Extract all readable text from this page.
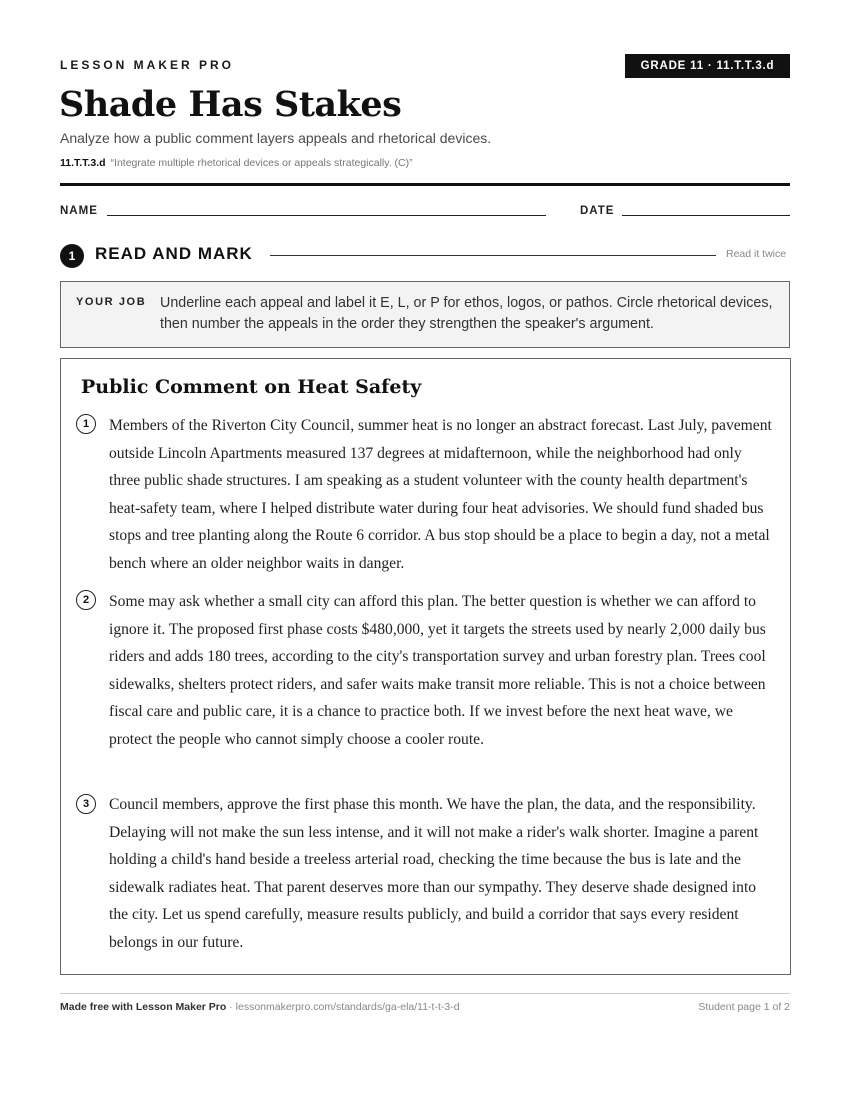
LESSON MAKER PRO	GRADE 11 · 11.T.T.3.d
Shade Has Stakes
Analyze how a public comment layers appeals and rhetorical devices.
11.T.T.3.d “Integrate multiple rhetorical devices or appeals strategically. (C)”
NAME	DATE
1	READ AND MARK	Read it twice
YOUR JOB Underline each appeal and label it E, L, or P for ethos, logos, or pathos. Circle rhetorical devices, then number the appeals in the order they strengthen the speaker's argument.
Public Comment on Heat Safety
1	Members of the Riverton City Council, summer heat is no longer an abstract forecast. Last July, pavement outside Lincoln Apartments measured 137 degrees at midafternoon, while the neighborhood had only three public shade structures. I am speaking as a student volunteer with the county health department's heat-safety team, where I helped distribute water during four heat advisories. We should fund shaded bus stops and tree planting along the Route 6 corridor. A bus stop should be a place to begin a day, not a metal bench where an older neighbor waits in danger.

2	Some may ask whether a small city can afford this plan. The better question is whether we can afford to ignore it. The proposed first phase costs $480,000, yet it targets the streets used by nearly 2,000 daily bus riders and adds 180 trees, according to the city's transportation survey and urban forestry plan. Trees cool sidewalks, shelters protect riders, and safer waits make transit more reliable. This is not a choice between fiscal care and public care, it is a chance to practice both. If we invest before the next heat wave, we protect the people who cannot simply choose a cooler route.

3	Council members, approve the first phase this month. We have the plan, the data, and the responsibility. Delaying will not make the sun less intense, and it will not make a rider's walk shorter. Imagine a parent holding a child's hand beside a treeless arterial road, checking the time because the bus is late and the sidewalk radiates heat. That parent deserves more than our sympathy. They deserve shade designed into the city. Let us spend carefully, measure results publicly, and build a corridor that says every resident belongs in our future.

Made free with Lesson Maker Pro · lessonmakerpro.com/standards/ga-ela/11-t-t-3-d	Student page 1 of 2
